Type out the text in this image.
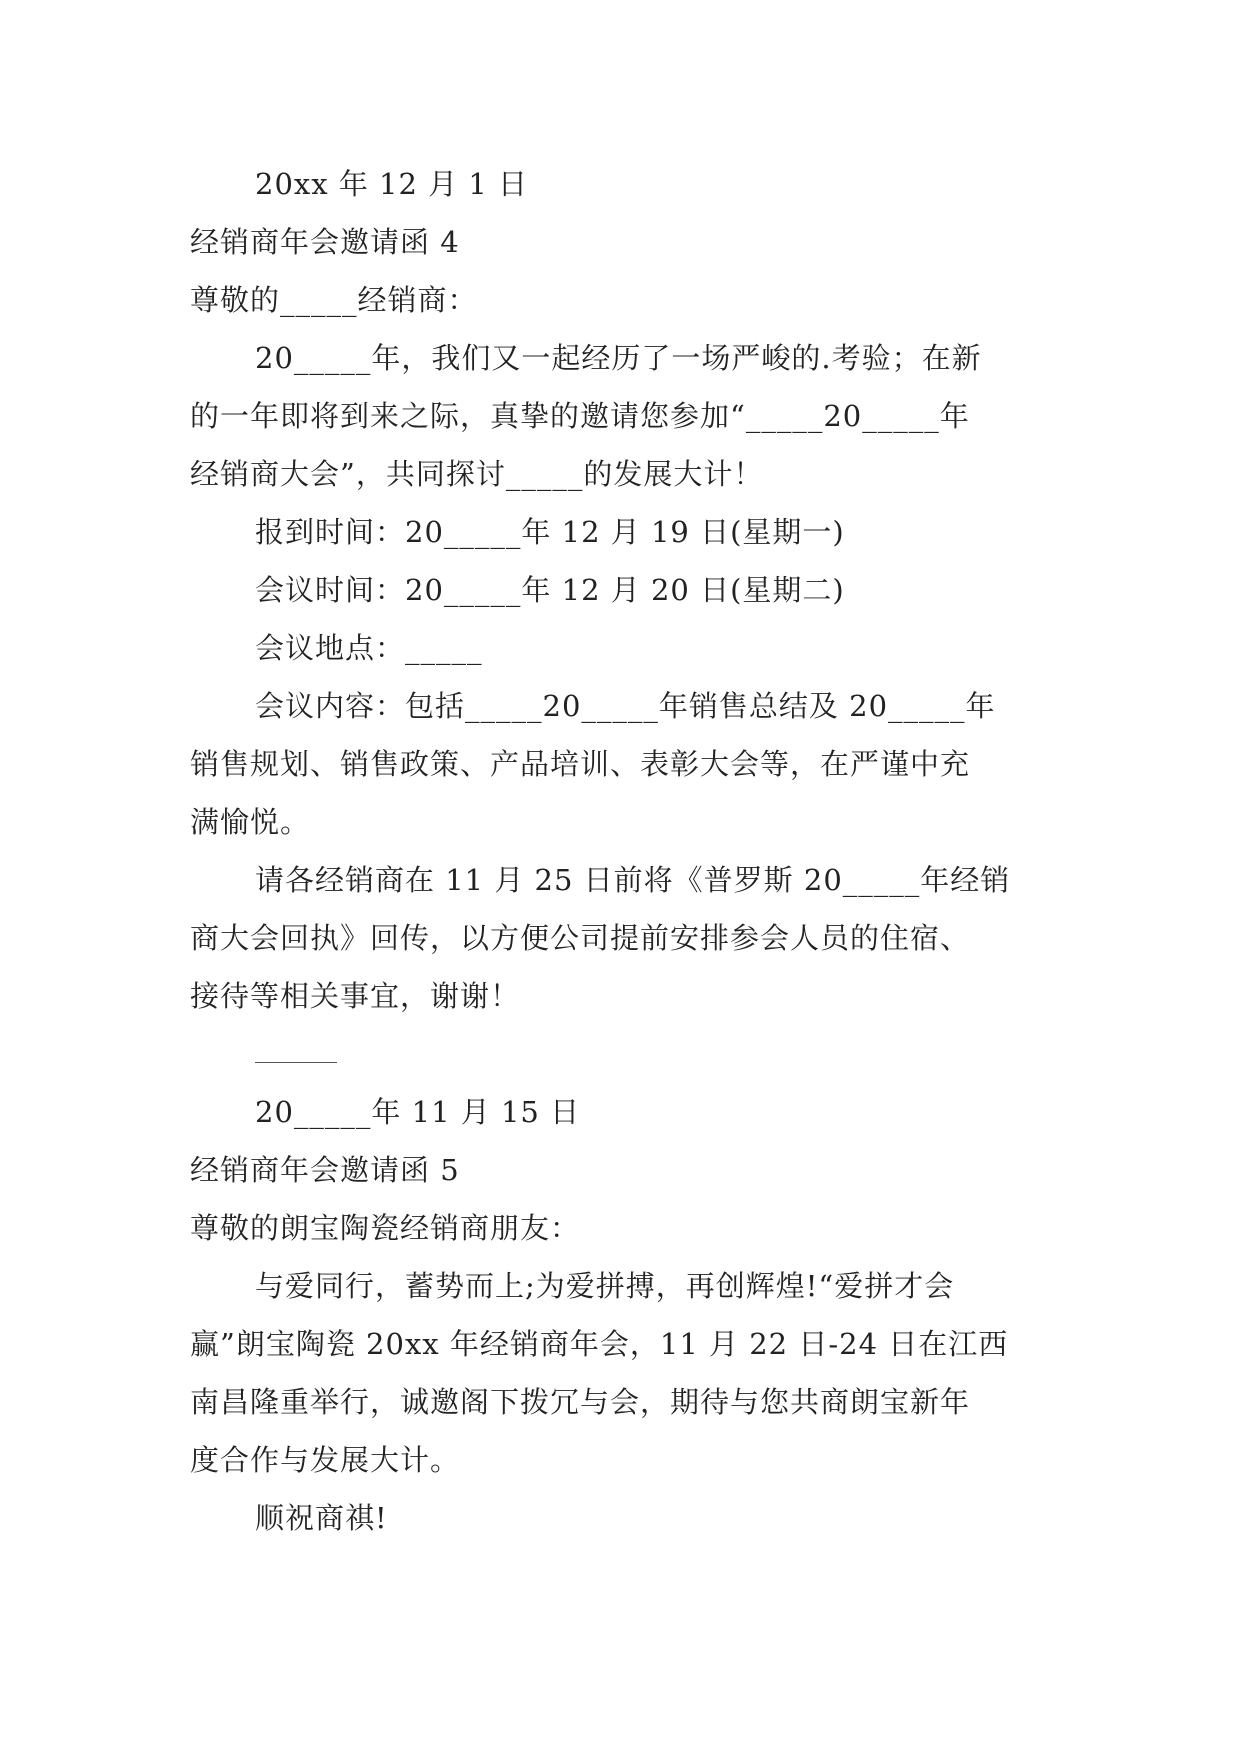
20xx 年 12 月 1 日
经销商年会邀请函 4
尊敬的_____经销商：
20_____年，我们又一起经历了一场严峻的.考验；在新
的一年即将到来之际，真挚的邀请您参加“_____20_____年
经销商大会”，共同探讨_____的发展大计！
报到时间：20_____年 12 月 19 日(星期一)
会议时间：20_____年 12 月 20 日(星期二)
会议地点：_____
会议内容：包括_____20_____年销售总结及 20_____年
销售规划、销售政策、产品培训、表彰大会等，在严谨中充
满愉悦。
请各经销商在 11 月 25 日前将《普罗斯 20_____年经销
商大会回执》回传，以方便公司提前安排参会人员的住宿、
接待等相关事宜，谢谢！
20_____年 11 月 15 日
经销商年会邀请函 5
尊敬的朗宝陶瓷经销商朋友：
与爱同行，蓄势而上;为爱拼搏，再创辉煌!“爱拼才会
赢”朗宝陶瓷 20xx 年经销商年会，11 月 22 日-24 日在江西
南昌隆重举行，诚邀阁下拨冗与会，期待与您共商朗宝新年
度合作与发展大计。
顺祝商祺!
